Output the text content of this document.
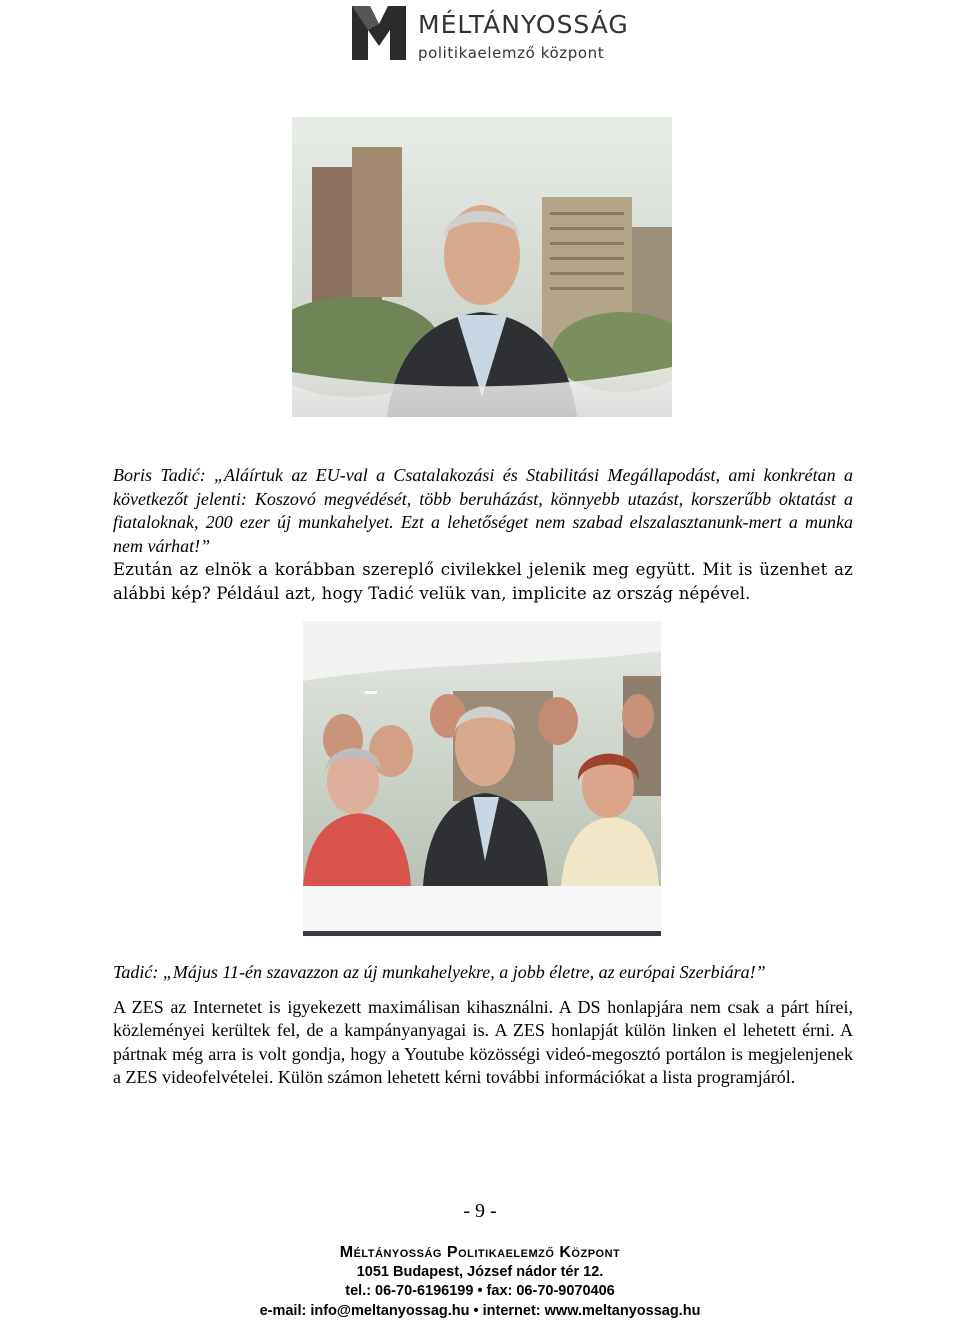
MÉLTÁNYOSSÁG
politikaelemző központ

Boris Tadić: „Aláírtuk az EU-val a Csatalakozási és Stabilitási Megállapodást, ami konkrétan a következőt jelenti: Koszovó megvédését, több beruházást, könnyebb utazást, korszerűbb oktatást a fiataloknak, 200 ezer új munkahelyet. Ezt a lehetőséget nem szabad elszalasztanunk-mert a munka nem várhat!”

Ezután az elnök a korábban szereplő civilekkel jelenik meg együtt. Mit is üzenhet az alábbi kép? Például azt, hogy Tadić velük van, implicite az ország népével.

Tadić: „Május 11-én szavazzon az új munkahelyekre, a jobb életre, az európai Szerbiára!”

A ZES az Internetet is igyekezett maximálisan kihasználni. A DS honlapjára nem csak a párt hírei, közleményei kerültek fel, de a kampányanyagai is. A ZES honlapját külön linken el lehetett érni. A pártnak még arra is volt gondja, hogy a Youtube közösségi videó-megosztó portálon is megjelenjenek a ZES videofelvételei. Külön számon lehetett kérni további információkat a lista programjáról.

- 9 -
Méltányosság Politikaelemző Központ
1051 Budapest, József nádor tér 12.
tel.: 06-70-6196199 • fax: 06-70-9070406
e-mail: info@meltanyossag.hu • internet: www.meltanyossag.hu
